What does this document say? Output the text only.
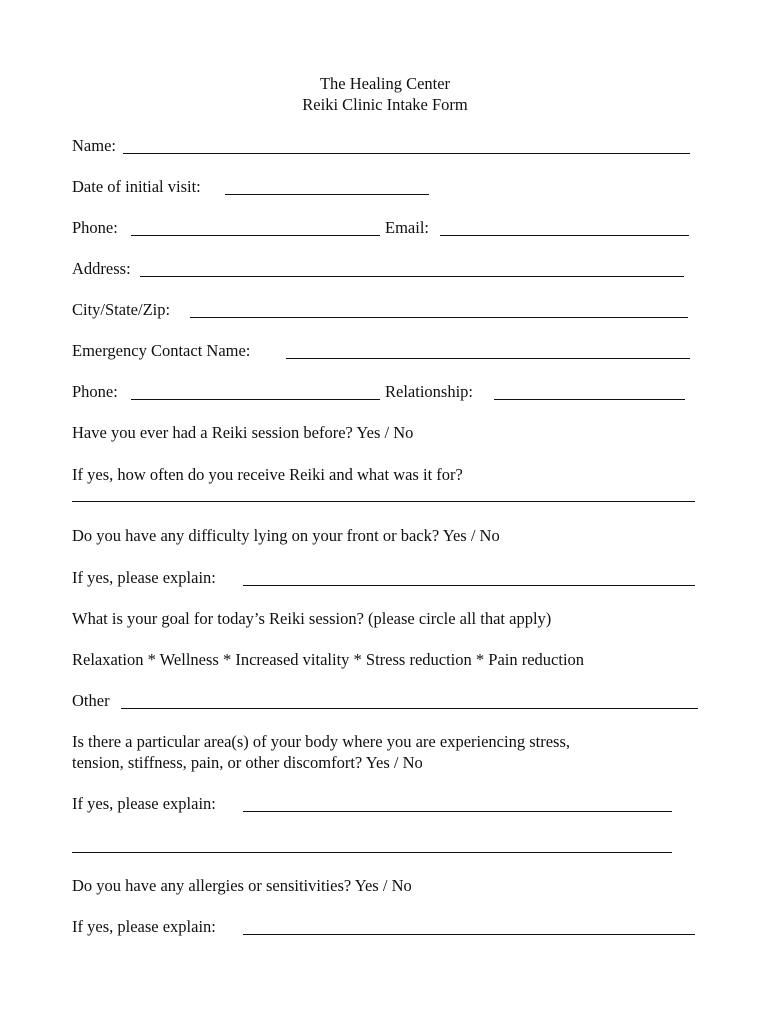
The Healing Center
Reiki Clinic Intake Form
Name:
Date of initial visit:
Phone:	Email:
Address:
City/State/Zip:
Emergency Contact Name:
Phone:	Relationship:
Have you ever had a Reiki session before? Yes / No
If yes, how often do you receive Reiki and what was it for?
Do you have any difficulty lying on your front or back? Yes / No
If yes, please explain:
What is your goal for today’s Reiki session? (please circle all that apply)
Relaxation * Wellness * Increased vitality * Stress reduction * Pain reduction
Other
Is there a particular area(s) of your body where you are experiencing stress,
tension, stiffness, pain, or other discomfort? Yes / No
If yes, please explain:
Do you have any allergies or sensitivities? Yes / No
If yes, please explain:
